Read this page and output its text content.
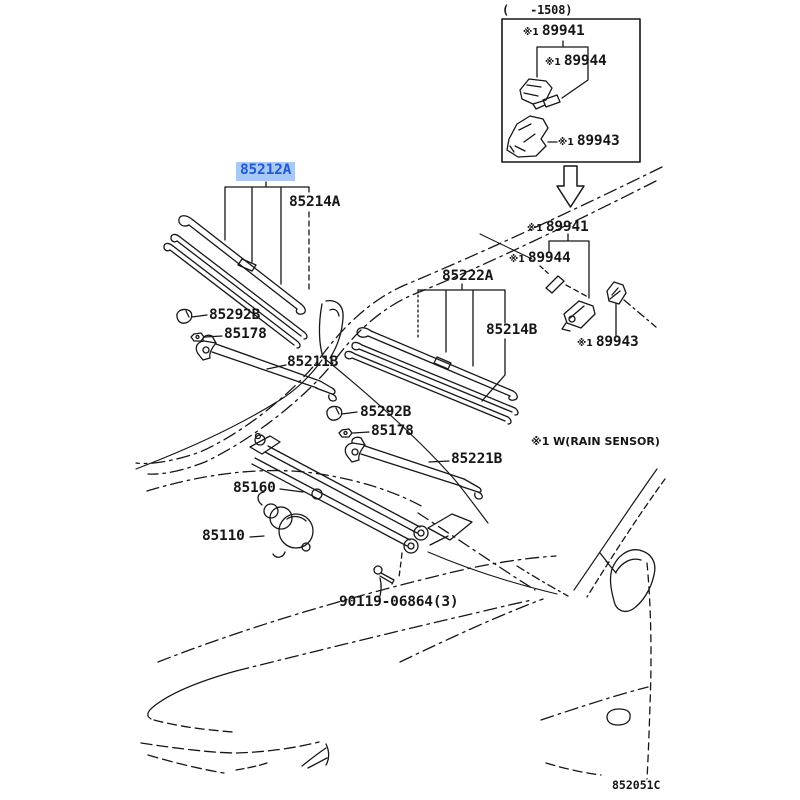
(   -1508)
※1 89941
※1 89944
※1 89943
※1 89941
※1 89944
※1 89943
85212A
85214A
85222A
85214B
85292B
85178
85211B
85292B
85178
85221B
※1 W(RAIN SENSOR)
85160
85110
90119-06864(3)
852051C
